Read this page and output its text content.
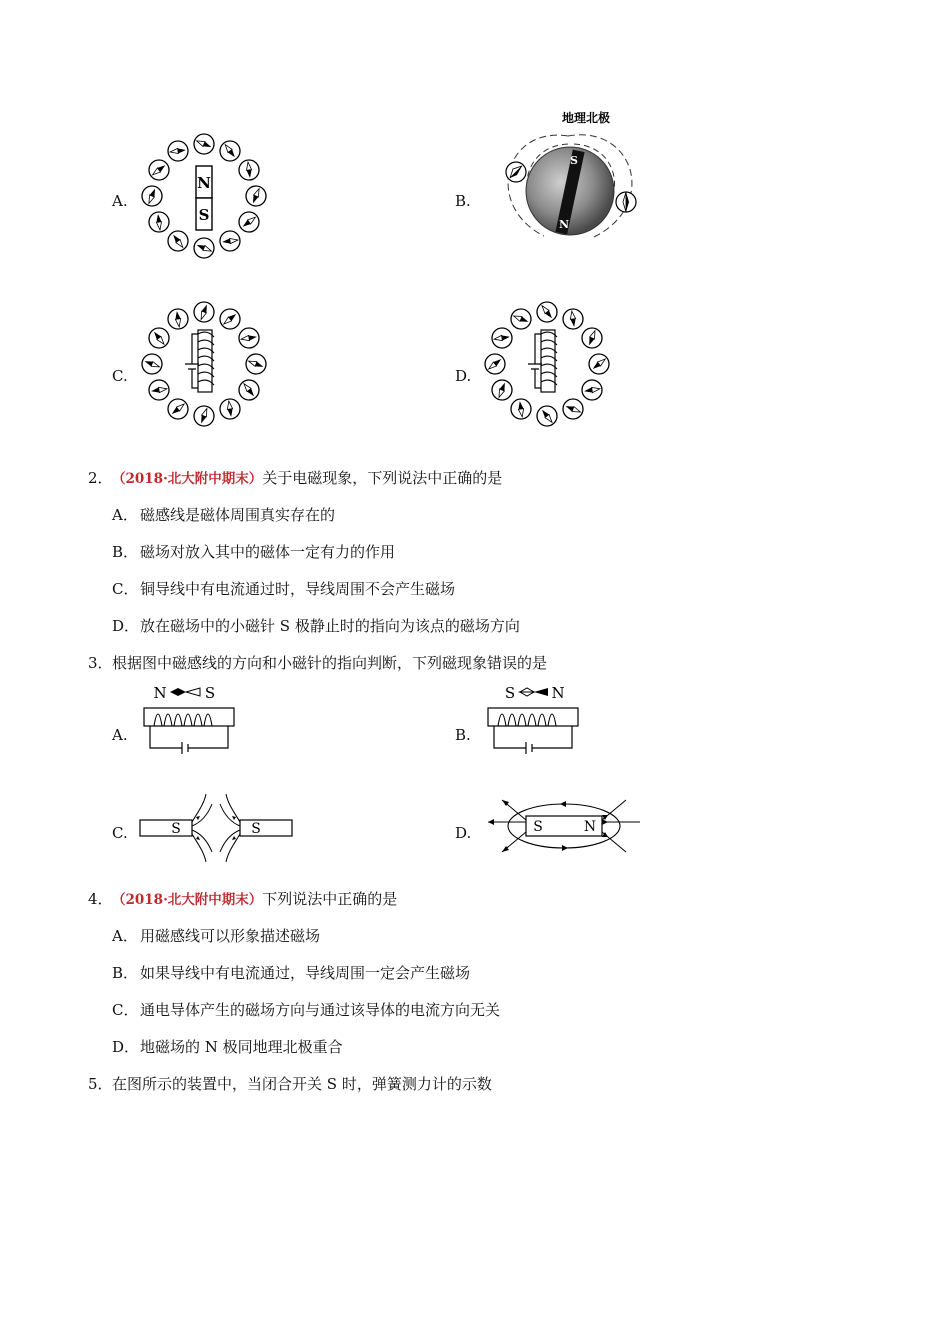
A.	B.
C.	D.
N
S
地理北极
S
N
2．（2018·北大附中期末）关于电磁现象，下列说法中正确的是
A． 磁感线是磁体周围真实存在的
B． 磁场对放入其中的磁体一定有力的作用
C． 铜导线中有电流通过时，导线周围不会产生磁场
D．放在磁场中的小磁针 S 极静止时的指向为该点的磁场方向
3．根据图中磁感线的方向和小磁针的指向判断，下列磁现象错误的是
A.	B.
C.	D.
N	S	S N
S	S	S	N
4．（2018·北大附中期末）下列说法中正确的是
A． 用磁感线可以形象描述磁场
B． 如果导线中有电流通过，导线周围一定会产生磁场
C． 通电导体产生的磁场方向与通过该导体的电流方向无关
D．地磁场的 N 极同地理北极重合
5．在图所示的装置中，当闭合开关 S 时，弹簧测力计的示数
